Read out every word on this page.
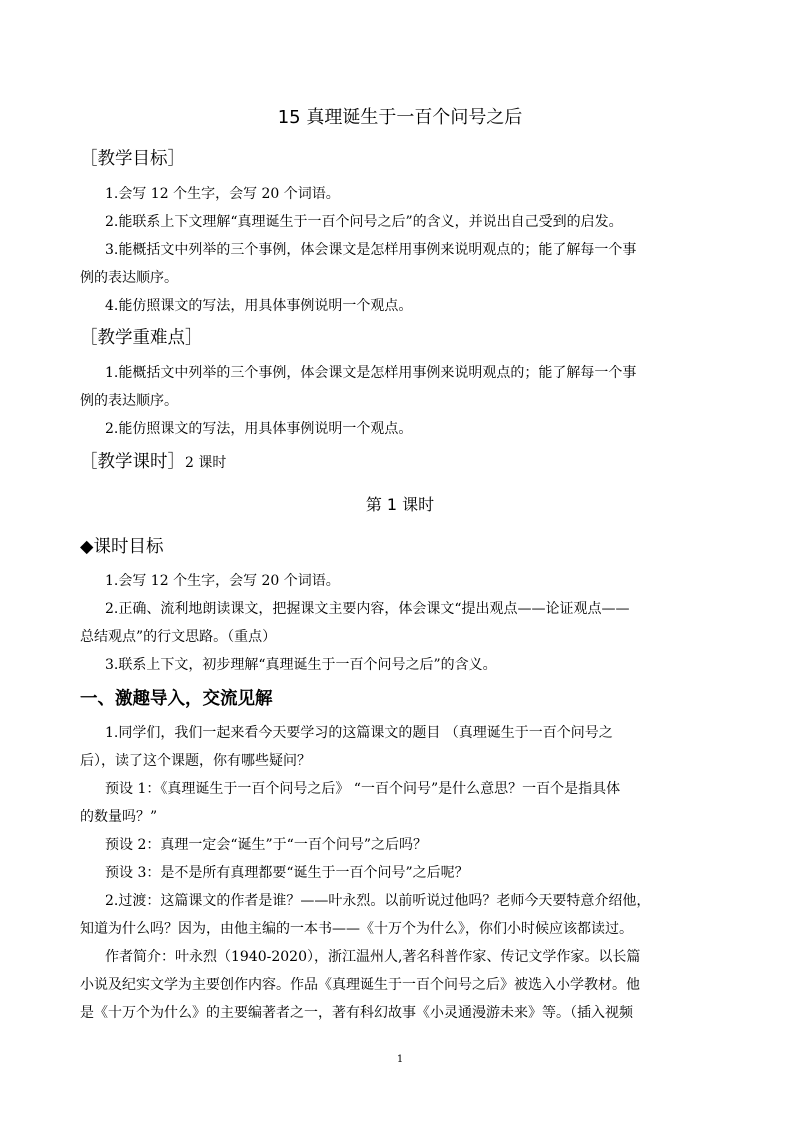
15 真理诞生于一百个问号之后
［教学目标］
1.会写 12 个生字，会写 20 个词语。
2.能联系上下文理解“真理诞生于一百个问号之后”的含义，并说出自己受到的启发。
3.能概括文中列举的三个事例，体会课文是怎样用事例来说明观点的；能了解每一个事
例的表达顺序。
4.能仿照课文的写法，用具体事例说明一个观点。
［教学重难点］
1.能概括文中列举的三个事例，体会课文是怎样用事例来说明观点的；能了解每一个事
例的表达顺序。
2.能仿照课文的写法，用具体事例说明一个观点。
［教学课时］2 课时
第 1 课时
◆课时目标
1.会写 12 个生字，会写 20 个词语。
2.正确、流利地朗读课文，把握课文主要内容，体会课文“提出观点——论证观点——
总结观点”的行文思路。（重点）
3.联系上下文，初步理解“真理诞生于一百个问号之后”的含义。
一、激趣导入，交流见解
1.同学们，我们一起来看今天要学习的这篇课文的题目 （真理诞生于一百个问号之
后），读了这个课题，你有哪些疑问？
预设 1：《真理诞生于一百个问号之后》 “一百个问号”是什么意思？一百个是指具体
的数量吗？”
预设 2：真理一定会“诞生”于“一百个问号”之后吗？
预设 3：是不是所有真理都要“诞生于一百个问号”之后呢？
2.过渡：这篇课文的作者是谁？——叶永烈。以前听说过他吗？老师今天要特意介绍他，
知道为什么吗？因为，由他主编的一本书——《十万个为什么》，你们小时候应该都读过。
作者简介：叶永烈（1940-2020），浙江温州人,著名科普作家、传记文学作家。以长篇
小说及纪实文学为主要创作内容。作品《真理诞生于一百个问号之后》被选入小学教材。他
是《十万个为什么》的主要编著者之一，著有科幻故事《小灵通漫游未来》等。（插入视频
1
